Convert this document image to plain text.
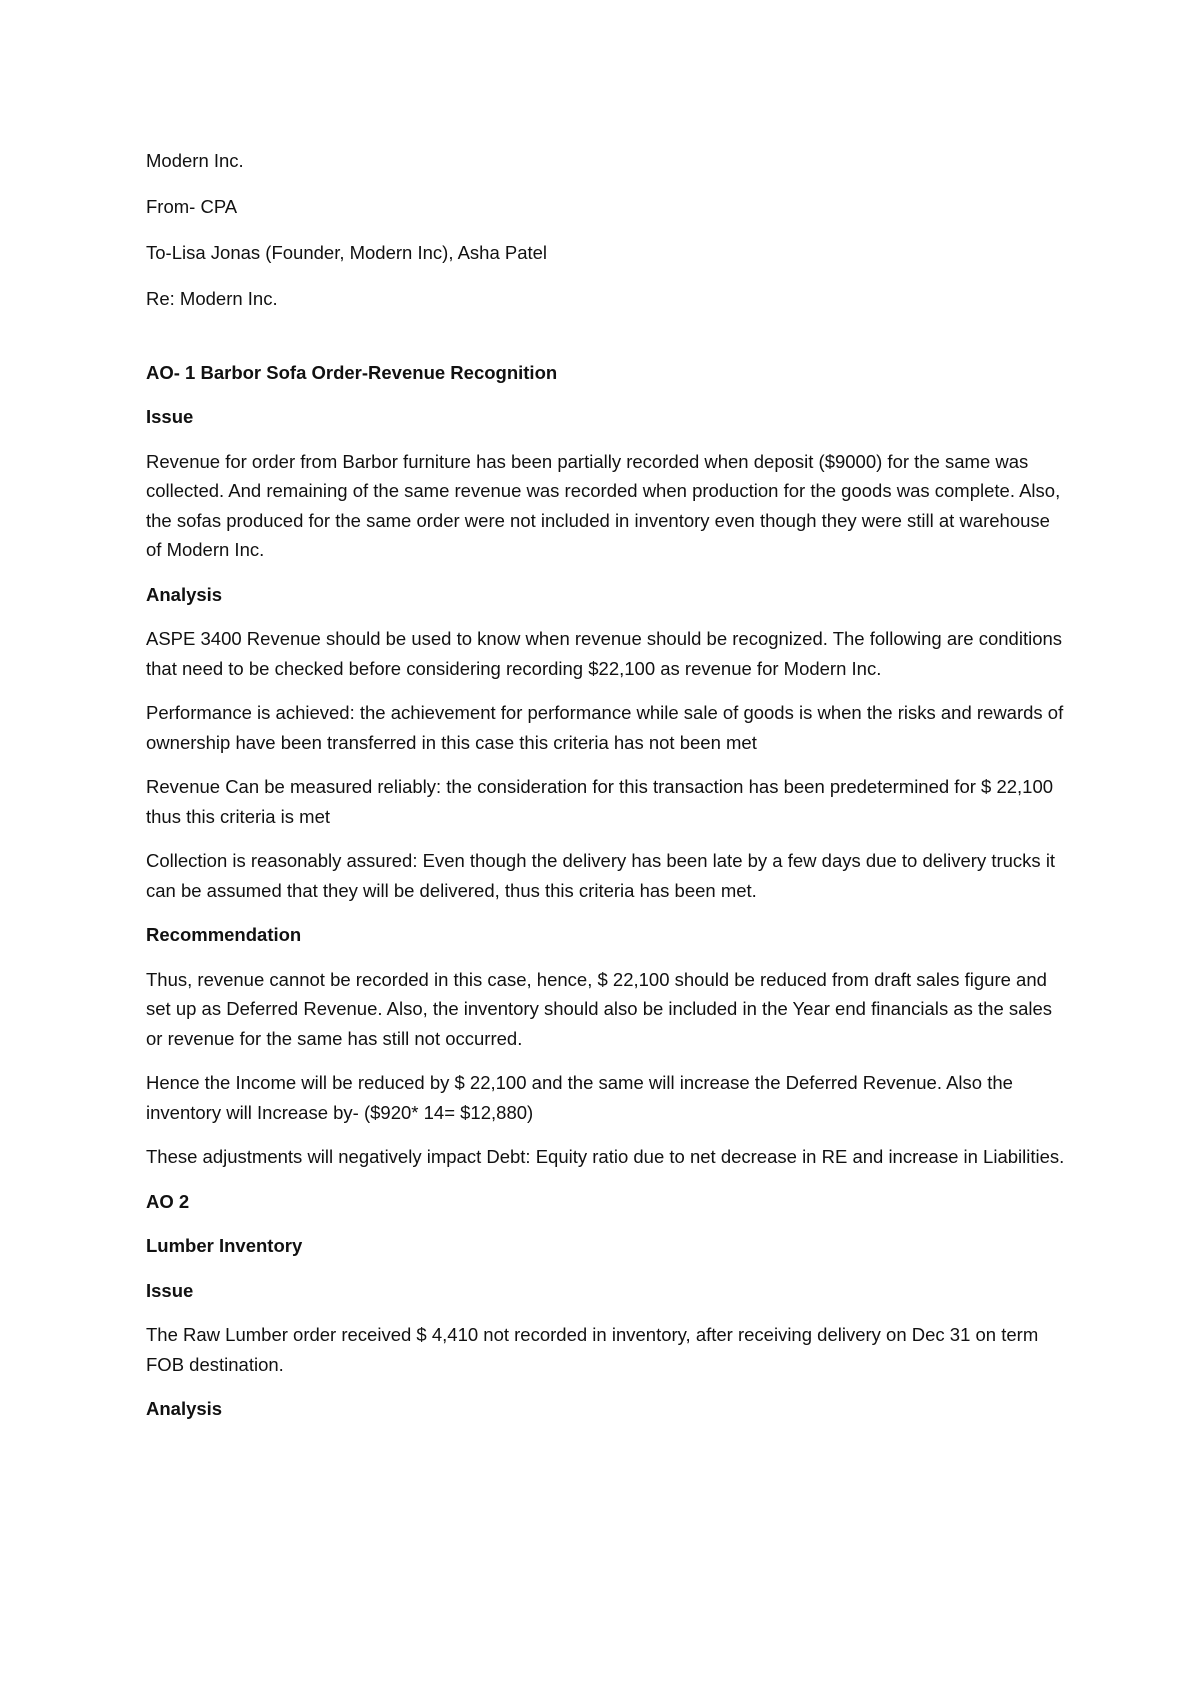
Modern Inc.

From- CPA

To-Lisa Jonas (Founder, Modern Inc), Asha Patel

Re: Modern Inc.

AO- 1 Barbor Sofa Order-Revenue Recognition

Issue

Revenue for order from Barbor furniture has been partially recorded when deposit ($9000) for the same was collected. And remaining of the same revenue was recorded when production for the goods was complete. Also, the sofas produced for the same order were not included in inventory even though they were still at warehouse of Modern Inc.

Analysis

ASPE 3400 Revenue should be used to know when revenue should be recognized. The following are conditions that need to be checked before considering recording $22,100 as revenue for Modern Inc.

Performance is achieved: the achievement for performance while sale of goods is when the risks and rewards of ownership have been transferred in this case this criteria has not been met

Revenue Can be measured reliably: the consideration for this transaction has been predetermined for $ 22,100 thus this criteria is met

Collection is reasonably assured: Even though the delivery has been late by a few days due to delivery trucks it can be assumed that they will be delivered, thus this criteria has been met.

Recommendation

Thus, revenue cannot be recorded in this case, hence, $ 22,100 should be reduced from draft sales figure and set up as Deferred Revenue. Also, the inventory should also be included in the Year end financials as the sales or revenue for the same has still not occurred.

Hence the Income will be reduced by $ 22,100 and the same will increase the Deferred Revenue. Also the inventory will Increase by- ($920* 14= $12,880)

These adjustments will negatively impact Debt: Equity ratio due to net decrease in RE and increase in Liabilities.

AO 2

Lumber Inventory

Issue

The Raw Lumber order received $ 4,410 not recorded in inventory, after receiving delivery on Dec 31 on term FOB destination.

Analysis
